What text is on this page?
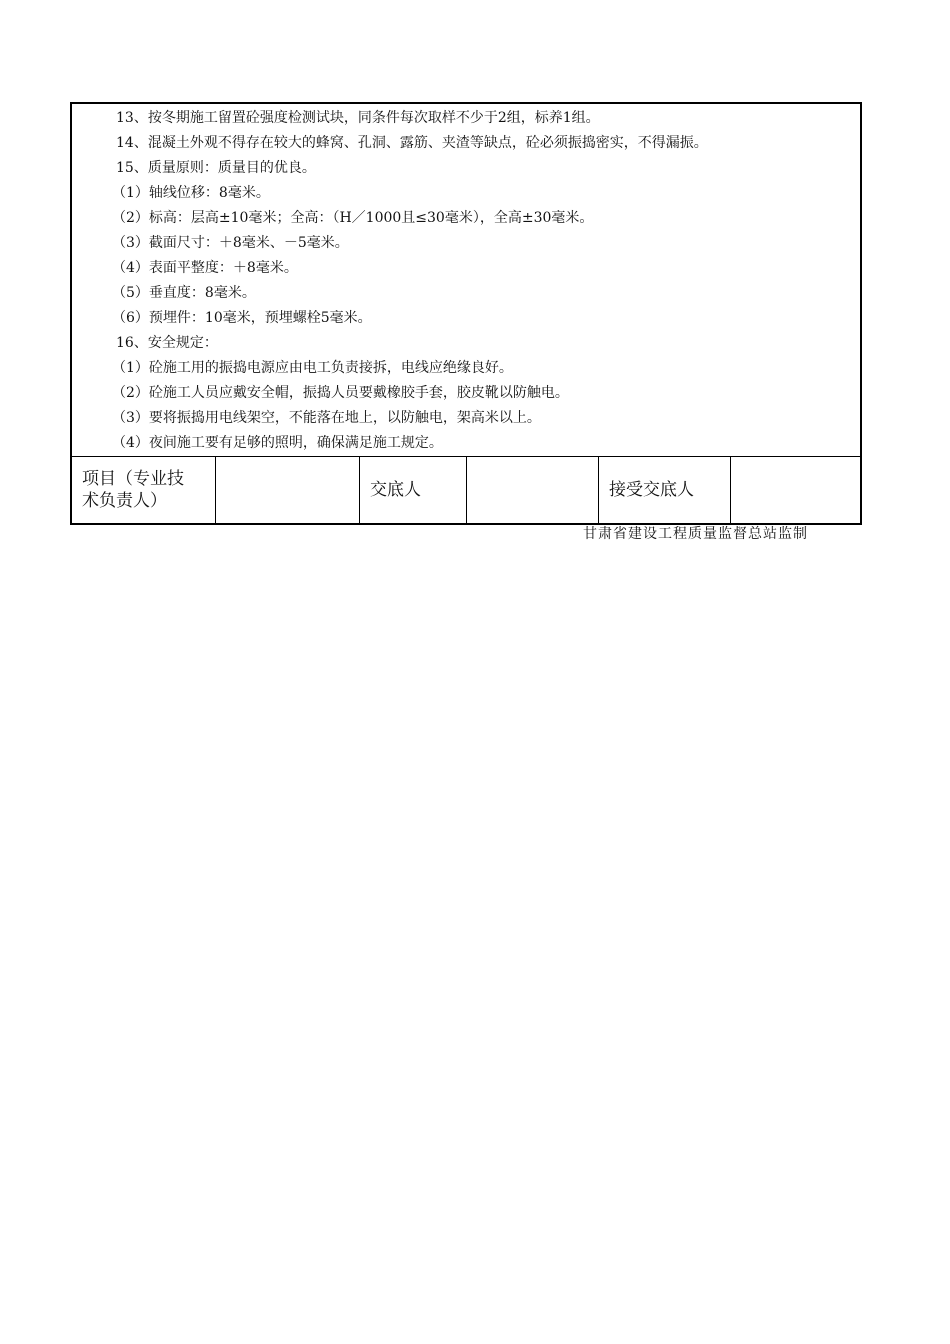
13、按冬期施工留置砼强度检测试块，同条件每次取样不少于2组，标养1组。
14、混凝土外观不得存在较大的蜂窝、孔洞、露筋、夹渣等缺点，砼必须振捣密实，不得漏振。
15、质量原则：质量目的优良。
（1）轴线位移：8毫米。
（2）标高：层高±10毫米；全高：（H／1000且≤30毫米），全高±30毫米。
（3）截面尺寸：＋8毫米、－5毫米。
（4）表面平整度：＋8毫米。
（5）垂直度：8毫米。
（6）预埋件：10毫米，预埋螺栓5毫米。
16、安全规定：
（1）砼施工用的振捣电源应由电工负责接拆，电线应绝缘良好。
（2）砼施工人员应戴安全帽，振捣人员要戴橡胶手套，胶皮靴以防触电。
（3）要将振捣用电线架空，不能落在地上，以防触电，架高米以上。
（4）夜间施工要有足够的照明，确保满足施工规定。
项目（专业技
术负责人）
交底人	接受交底人
甘肃省建设工程质量监督总站监制
